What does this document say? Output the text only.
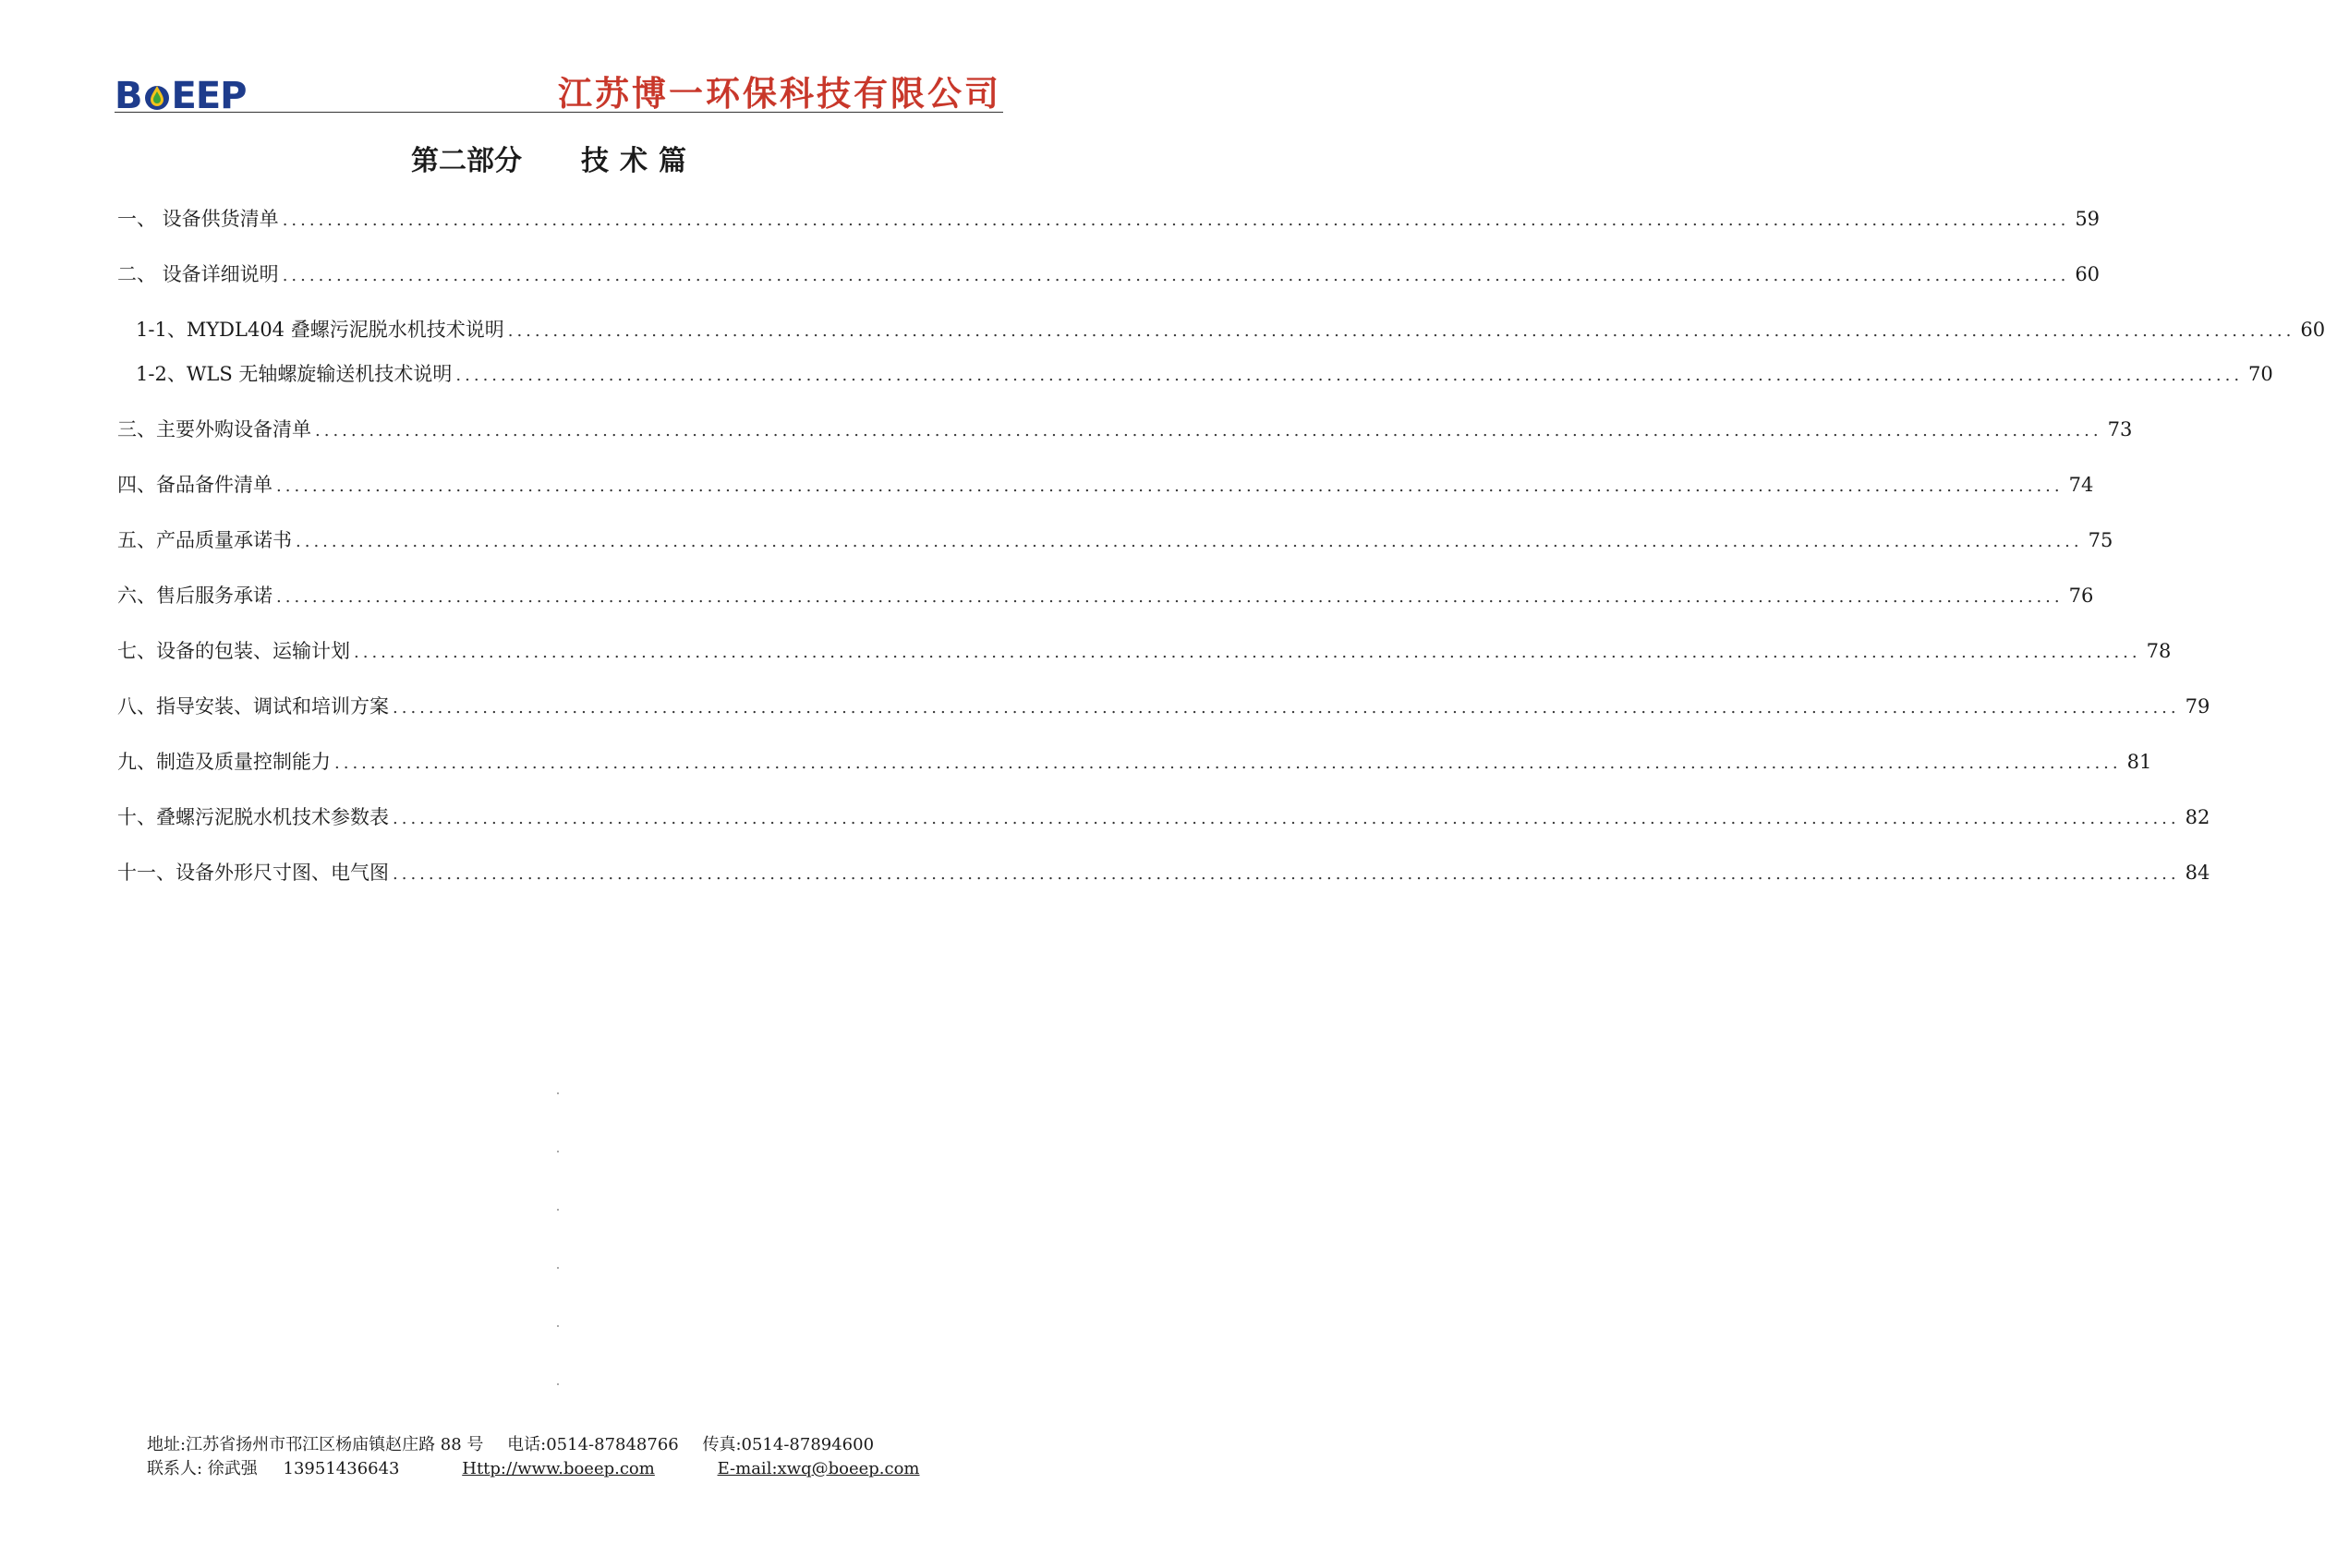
B EEP	江苏博一环保科技有限公司
第二部分 技术篇
一、 设备供货清单 ....................................................................................................................................................................................................... 59
二、 设备详细说明 ....................................................................................................................................................................................................... 60
1-1、MYDL404 叠螺污泥脱水机技术说明 ....................................................................................................................................................................................................... 60
1-2、WLS 无轴螺旋输送机技术说明 ....................................................................................................................................................................................................... 70
三、主要外购设备清单 ....................................................................................................................................................................................................... 73
四、备品备件清单 ....................................................................................................................................................................................................... 74
五、产品质量承诺书 ....................................................................................................................................................................................................... 75
六、售后服务承诺 ....................................................................................................................................................................................................... 76
七、设备的包装、运输计划 ....................................................................................................................................................................................................... 78
八、指导安装、调试和培训方案 ....................................................................................................................................................................................................... 79
九、制造及质量控制能力 ....................................................................................................................................................................................................... 81
十、叠螺污泥脱水机技术参数表 ....................................................................................................................................................................................................... 82
十一、设备外形尺寸图、电气图 ....................................................................................................................................................................................................... 84
地址:江苏省扬州市邗江区杨庙镇赵庄路 88 号 电话:0514-87848766 传真:0514-87894600
联系人: 徐武强 13951436643	Http://www.boeep.com	E-mail:xwq@boeep.com
